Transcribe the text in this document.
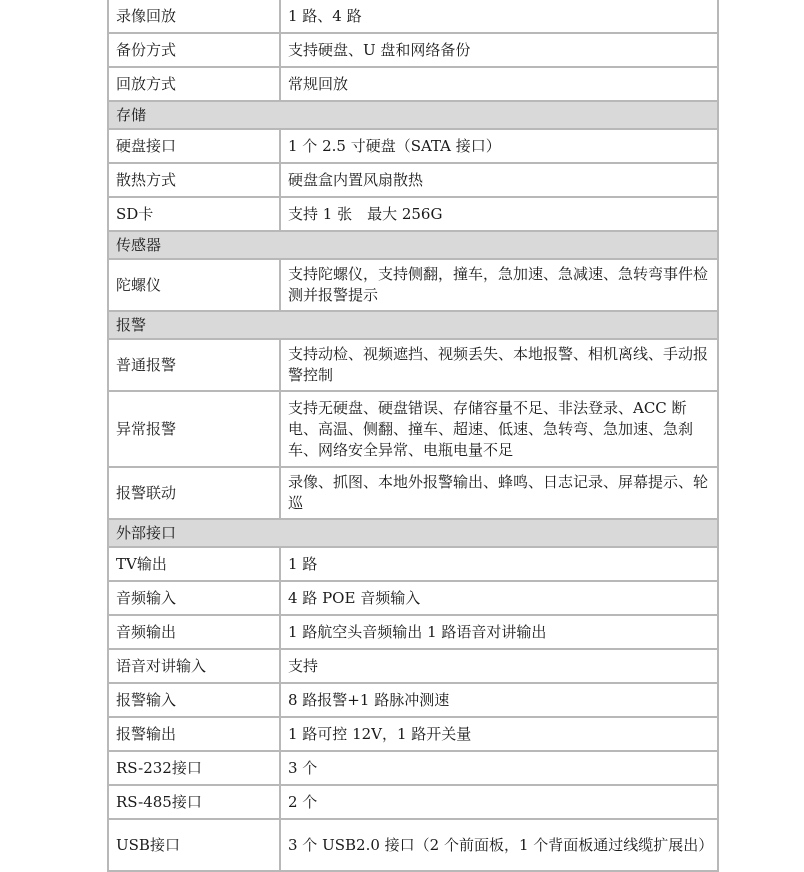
录像回放	1 路、4 路
备份方式	支持硬盘、U 盘和网络备份
回放方式	常规回放
存储	
硬盘接口	1 个 2.5 寸硬盘（SATA 接口）
散热方式	硬盘盒内置风扇散热
SD卡	支持 1 张　最大 256G
传感器	
陀螺仪	支持陀螺仪，支持侧翻，撞车，急加速、急减速、急转弯事件检测并报警提示
报警	
普通报警	支持动检、视频遮挡、视频丢失、本地报警、相机离线、手动报警控制
异常报警	支持无硬盘、硬盘错误、存储容量不足、非法登录、ACC 断电、高温、侧翻、撞车、超速、低速、急转弯、急加速、急刹车、网络安全异常、电瓶电量不足
报警联动	录像、抓图、本地外报警输出、蜂鸣、日志记录、屏幕提示、轮巡
外部接口	
TV输出	1 路
音频输入	4 路 POE 音频输入
音频输出	1 路航空头音频输出 1 路语音对讲输出
语音对讲输入	支持
报警输入	8 路报警+1 路脉冲测速
报警输出	1 路可控 12V，1 路开关量
RS-232接口	3 个
RS-485接口	2 个
USB接口	3 个 USB2.0 接口（2 个前面板，1 个背面板通过线缆扩展出）
